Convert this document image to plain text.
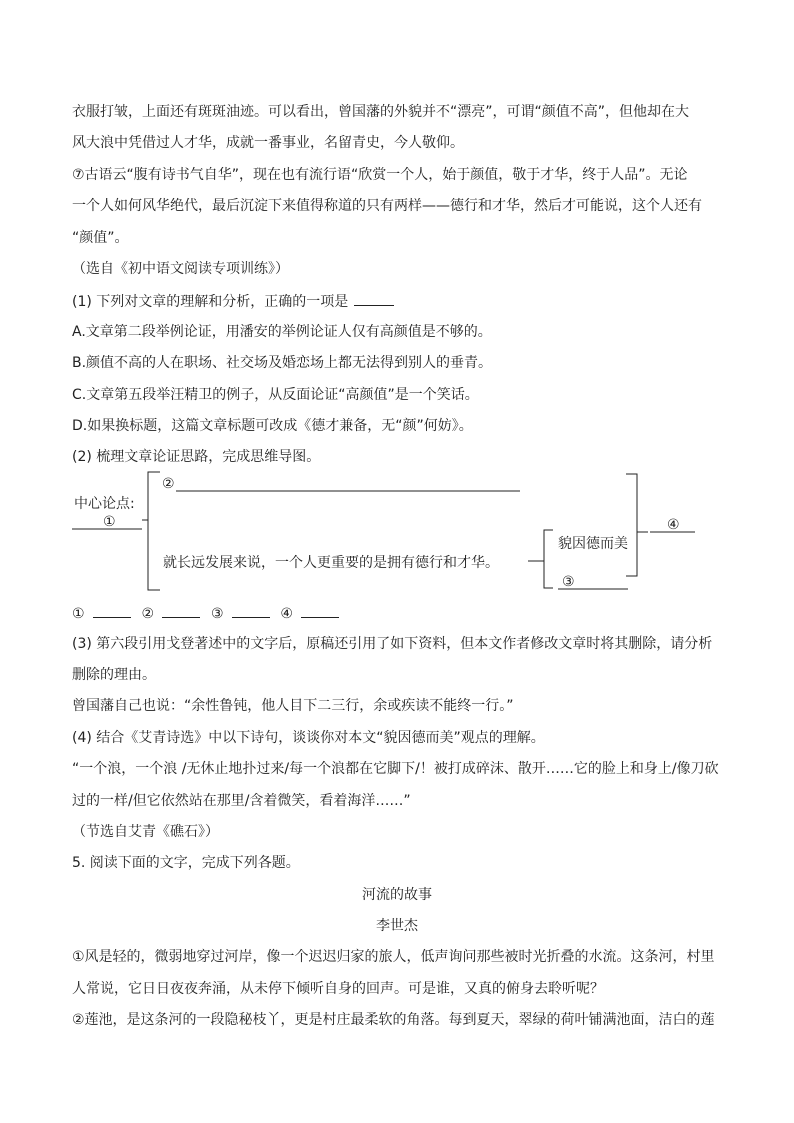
衣服打皱，上面还有斑斑油迹。可以看出，曾国藩的外貌并不“漂亮”，可谓“颜值不高”，但他却在大
风大浪中凭借过人才华，成就一番事业，名留青史，今人敬仰。
⑦古语云“腹有诗书气自华”，现在也有流行语“欣赏一个人，始于颜值，敬于才华，终于人品”。无论
一个人如何风华绝代，最后沉淀下来值得称道的只有两样——德行和才华，然后才可能说，这个人还有
“颜值”。
（选自《初中语文阅读专项训练》）
(1) 下列对文章的理解和分析，正确的一项是
A.文章第二段举例论证，用潘安的举例论证人仅有高颜值是不够的。
B.颜值不高的人在职场、社交场及婚恋场上都无法得到别人的垂青。
C.文章第五段举汪精卫的例子，从反面论证“高颜值”是一个笑话。
D.如果换标题，这篇文章标题可改成《德才兼备，无“颜”何妨》。
(2) 梳理文章论证思路，完成思维导图。
中心论点:
①
②
就长远发展来说，一个人更重要的是拥有德行和才华。
貌因德而美
③
④
①	②	③	④
(3) 第六段引用戈登著述中的文字后，原稿还引用了如下资料，但本文作者修改文章时将其删除，请分析
删除的理由。
曾国藩自己也说：“余性鲁钝，他人目下二三行，余或疾读不能终一行。”
(4) 结合《艾青诗选》中以下诗句，谈谈你对本文“貌因德而美”观点的理解。
“一个浪，一个浪 /无休止地扑过来/每一个浪都在它脚下/！被打成碎沫、散开……它的脸上和身上/像刀砍
过的一样/但它依然站在那里/含着微笑，看着海洋……”
（节选自艾青《礁石》）
5. 阅读下面的文字，完成下列各题。
河流的故事
李世杰
①风是轻的，微弱地穿过河岸，像一个迟迟归家的旅人，低声询问那些被时光折叠的水流。这条河，村里
人常说，它日日夜夜奔涌，从未停下倾听自身的回声。可是谁，又真的俯身去聆听呢？
②莲池，是这条河的一段隐秘枝丫，更是村庄最柔软的角落。每到夏天，翠绿的荷叶铺满池面，洁白的莲
